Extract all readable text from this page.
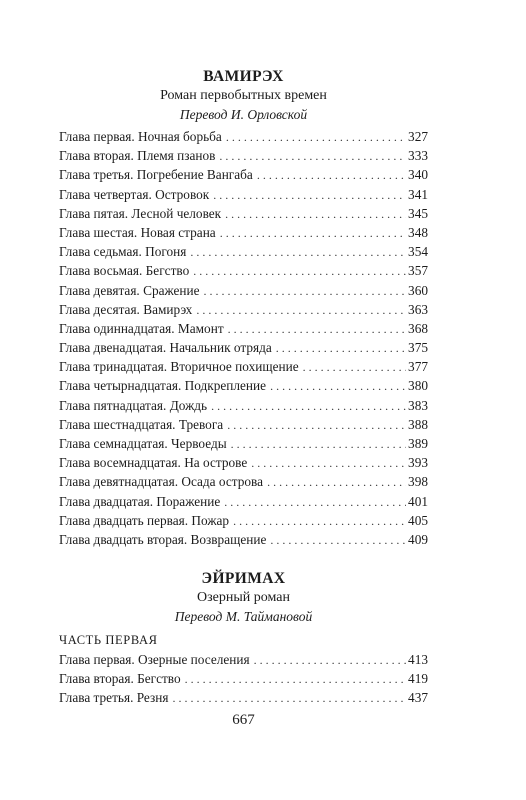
ВАМИРЭХ

Роман первобытных времен

Перевод И. Орловской

Глава первая. Ночная борьба . . .	327
Глава вторая. Племя пзанов . . .	333
Глава третья. Погребение Вангаба . . .	340
Глава четвертая. Островок . . .	341
Глава пятая. Лесной человек . . .	345
Глава шестая. Новая страна . . .	348
Глава седьмая. Погоня . . .	354
Глава восьмая. Бегство . . .	357
Глава девятая. Сражение . . .	360
Глава десятая. Вамирэх . . .	363
Глава одиннадцатая. Мамонт . . .	368
Глава двенадцатая. Начальник отряда . . .	375
Глава тринадцатая. Вторичное похищение . . .	377
Глава четырнадцатая. Подкрепление . . .	380
Глава пятнадцатая. Дождь . . .	383
Глава шестнадцатая. Тревога . . .	388
Глава семнадцатая. Червоеды . . .	389
Глава восемнадцатая. На острове . . .	393
Глава девятнадцатая. Осада острова . . .	398
Глава двадцатая. Поражение . . .	401
Глава двадцать первая. Пожар . . .	405
Глава двадцать вторая. Возвращение . . .	409
ЭЙРИМАХ

Озерный роман

Перевод М. Таймановой

ЧАСТЬ ПЕРВАЯ

Глава первая. Озерные поселения . . .	413
Глава вторая. Бегство . . .	419
Глава третья. Резня . . .	437

667
